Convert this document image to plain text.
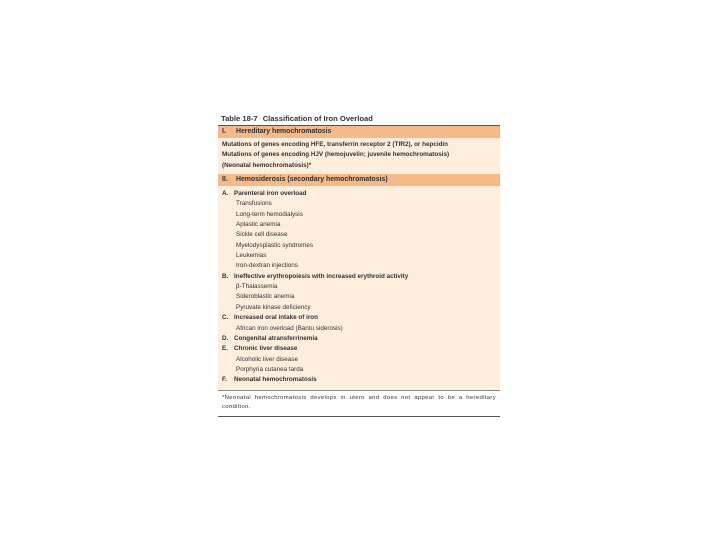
Table 18-7 Classification of Iron Overload
I. Hereditary hemochromatosis
Mutations of genes encoding HFE, transferrin receptor 2 (TfR2), or hepcidin
Mutations of genes encoding HJV (hemojuvelin; juvenile hemochromatosis)
(Neonatal hemochromatosis)*
II. Hemosiderosis (secondary hemochromatosis)
A. Parenteral iron overload
Transfusions
Long-term hemodialysis
Aplastic anemia
Sickle cell disease
Myelodysplastic syndromes
Leukemias
Iron-dextran injections
B. Ineffective erythropoiesis with increased erythroid activity
β-Thalassemia
Sideroblastic anemia
Pyruvate kinase deficiency
C. Increased oral intake of iron
African iron overload (Bantu siderosis)
D. Congenital atransferrinemia
E. Chronic liver disease
Alcoholic liver disease
Porphyria cutanea tarda
F. Neonatal hemochromatosis
*Neonatal hemochromatosis develops in utero and does not appear to be a hereditary condition.
